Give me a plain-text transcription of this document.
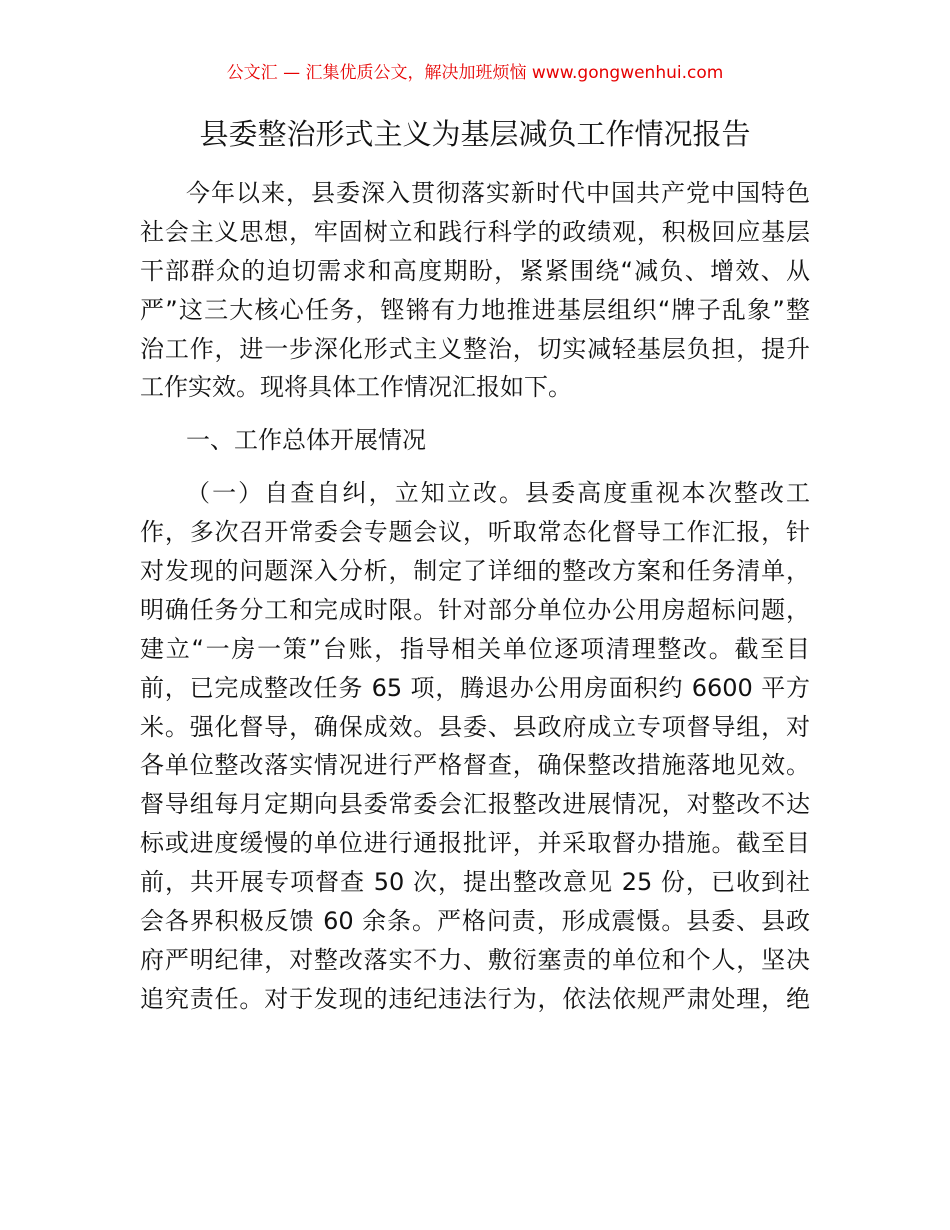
公文汇 — 汇集优质公文，解决加班烦恼 www.gongwenhui.com
县委整治形式主义为基层减负工作情况报告
今年以来，县委深入贯彻落实新时代中国共产党中国特色
社会主义思想，牢固树立和践行科学的政绩观，积极回应基层
干部群众的迫切需求和高度期盼，紧紧围绕“减负、增效、从
严”这三大核心任务，铿锵有力地推进基层组织“牌子乱象”整
治工作，进一步深化形式主义整治，切实减轻基层负担，提升
工作实效。现将具体工作情况汇报如下。
一、工作总体开展情况
（一）自查自纠，立知立改。县委高度重视本次整改工
作，多次召开常委会专题会议，听取常态化督导工作汇报，针
对发现的问题深入分析，制定了详细的整改方案和任务清单，
明确任务分工和完成时限。针对部分单位办公用房超标问题，
建立“一房一策”台账，指导相关单位逐项清理整改。截至目
前，已完成整改任务 65 项，腾退办公用房面积约 6600 平方
米。强化督导，确保成效。县委、县政府成立专项督导组，对
各单位整改落实情况进行严格督查，确保整改措施落地见效。
督导组每月定期向县委常委会汇报整改进展情况，对整改不达
标或进度缓慢的单位进行通报批评，并采取督办措施。截至目
前，共开展专项督查 50 次，提出整改意见 25 份，已收到社
会各界积极反馈 60 余条。严格问责，形成震慑。县委、县政
府严明纪律，对整改落实不力、敷衍塞责的单位和个人，坚决
追究责任。对于发现的违纪违法行为，依法依规严肃处理，绝
